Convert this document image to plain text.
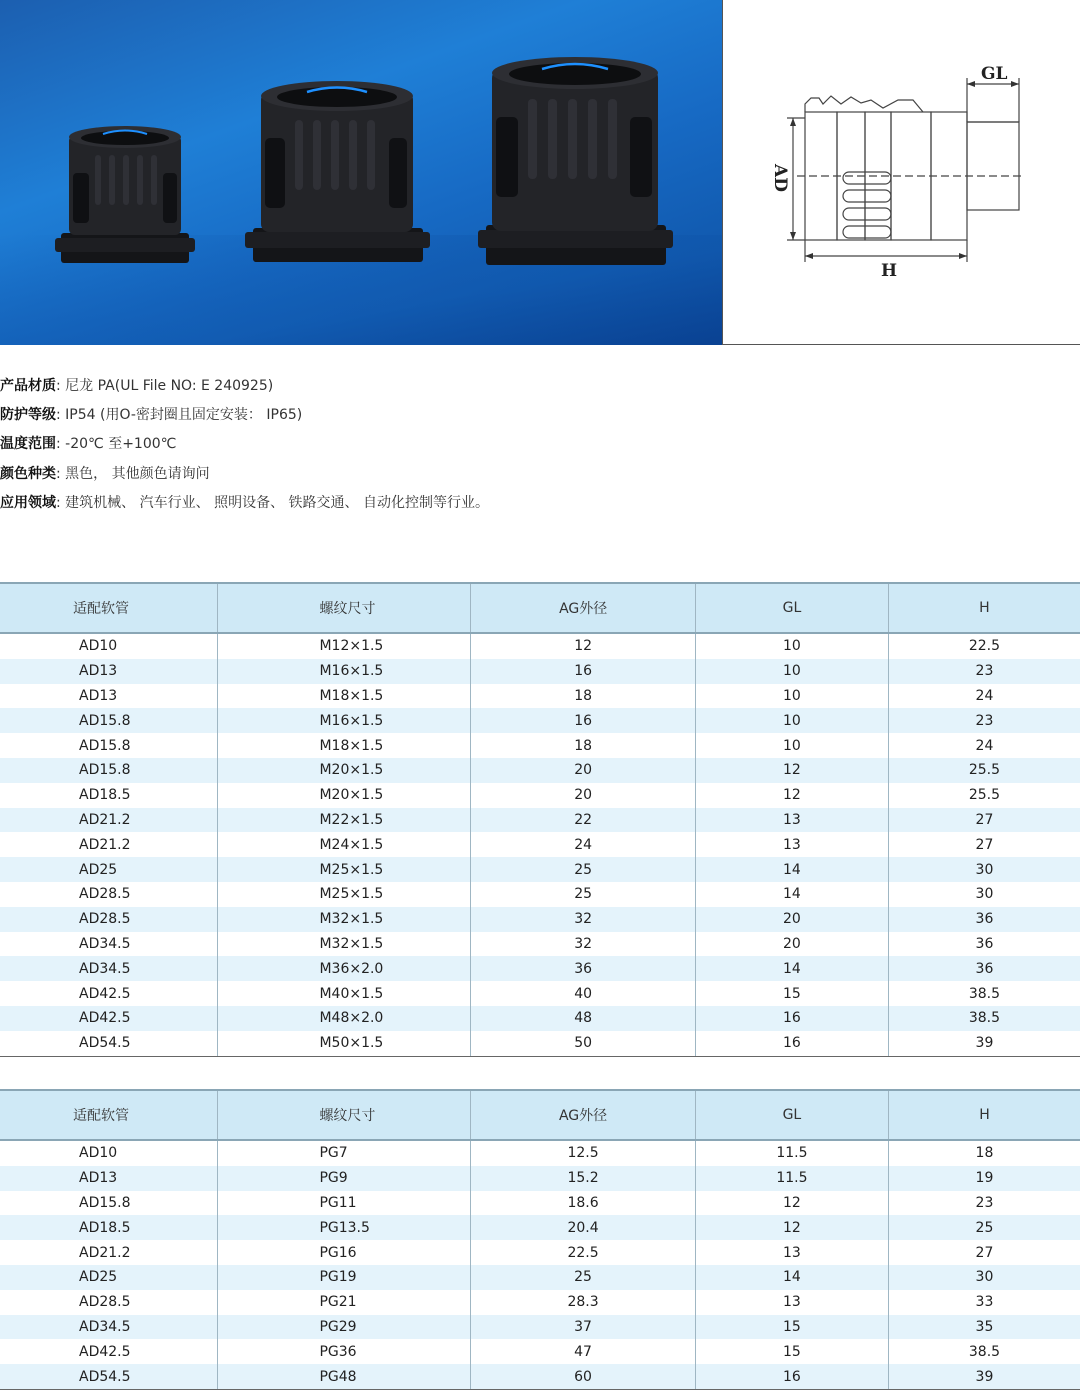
GL
AD
H
产品材质: 尼龙 PA(UL File NO: E 240925)
防护等级: IP54 (用O-密封圈且固定安装： IP65)
温度范围: -20℃ 至+100℃
颜色种类: 黑色， 其他颜色请询问
应用领域: 建筑机械、 汽车行业、 照明设备、 铁路交通、 自动化控制等行业。
适配软管	螺纹尺寸	AG外径	GL	H
AD10	M12×1.5	12	10	22.5
AD13	M16×1.5	16	10	23
AD13	M18×1.5	18	10	24
AD15.8	M16×1.5	16	10	23
AD15.8	M18×1.5	18	10	24
AD15.8	M20×1.5	20	12	25.5
AD18.5	M20×1.5	20	12	25.5
AD21.2	M22×1.5	22	13	27
AD21.2	M24×1.5	24	13	27
AD25	M25×1.5	25	14	30
AD28.5	M25×1.5	25	14	30
AD28.5	M32×1.5	32	20	36
AD34.5	M32×1.5	32	20	36
AD34.5	M36×2.0	36	14	36
AD42.5	M40×1.5	40	15	38.5
AD42.5	M48×2.0	48	16	38.5
AD54.5	M50×1.5	50	16	39
适配软管	螺纹尺寸	AG外径	GL	H
AD10	PG7	12.5	11.5	18
AD13	PG9	15.2	11.5	19
AD15.8	PG11	18.6	12	23
AD18.5	PG13.5	20.4	12	25
AD21.2	PG16	22.5	13	27
AD25	PG19	25	14	30
AD28.5	PG21	28.3	13	33
AD34.5	PG29	37	15	35
AD42.5	PG36	47	15	38.5
AD54.5	PG48	60	16	39
